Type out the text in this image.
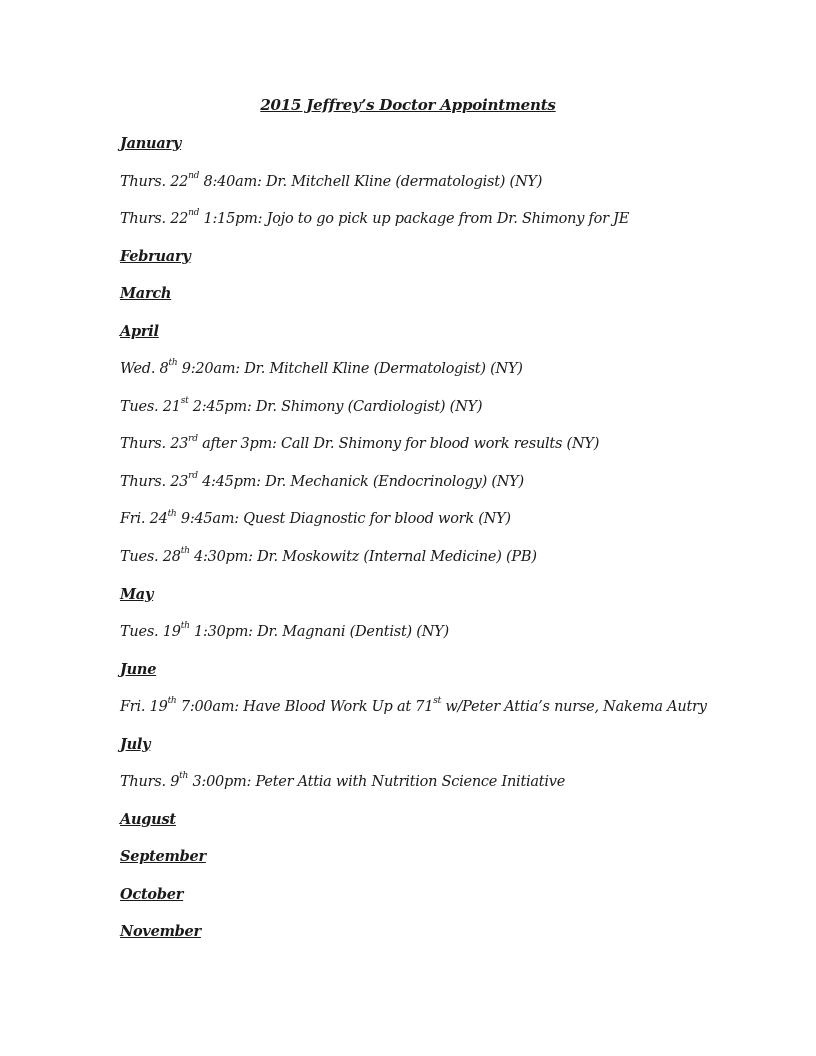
2015 Jeffrey’s Doctor Appointments
January
Thurs. 22nd 8:40am: Dr. Mitchell Kline (dermatologist) (NY)
Thurs. 22nd 1:15pm: Jojo to go pick up package from Dr. Shimony for JE
February
March
April
Wed. 8th 9:20am: Dr. Mitchell Kline (Dermatologist) (NY)
Tues. 21st 2:45pm: Dr. Shimony (Cardiologist) (NY)
Thurs. 23rd after 3pm: Call Dr. Shimony for blood work results (NY)
Thurs. 23rd 4:45pm: Dr. Mechanick (Endocrinology) (NY)
Fri. 24th 9:45am: Quest Diagnostic for blood work (NY)
Tues. 28th 4:30pm: Dr. Moskowitz (Internal Medicine) (PB)
May
Tues. 19th 1:30pm: Dr. Magnani (Dentist) (NY)
June
Fri. 19th 7:00am: Have Blood Work Up at 71st w/Peter Attia’s nurse, Nakema Autry
July
Thurs. 9th 3:00pm: Peter Attia with Nutrition Science Initiative
August
September
October
November
